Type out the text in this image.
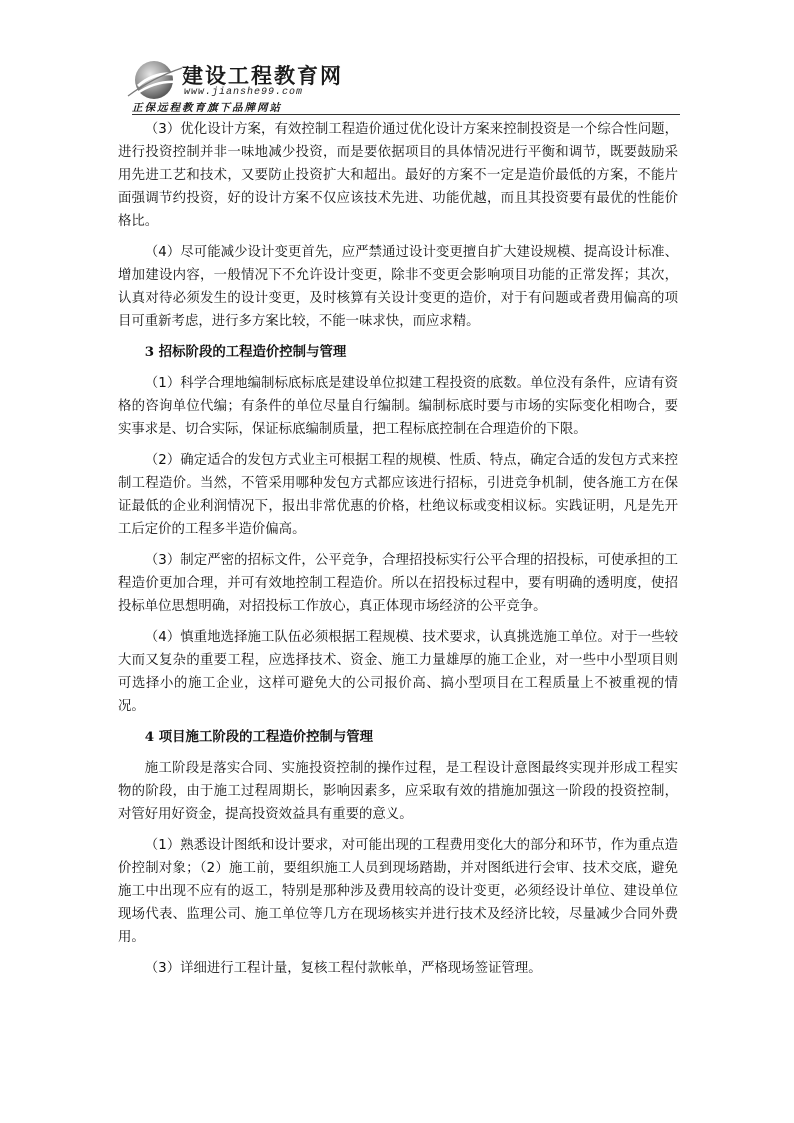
建设工程教育网
www.jianshe99.com
正保远程教育旗下品牌网站

（3）优化设计方案，有效控制工程造价通过优化设计方案来控制投资是一个综合性问题，进行投资控制并非一味地减少投资，而是要依据项目的具体情况进行平衡和调节，既要鼓励采用先进工艺和技术，又要防止投资扩大和超出。最好的方案不一定是造价最低的方案，不能片面强调节约投资，好的设计方案不仅应该技术先进、功能优越，而且其投资要有最优的性能价格比。

（4）尽可能减少设计变更首先，应严禁通过设计变更擅自扩大建设规模、提高设计标准、增加建设内容，一般情况下不允许设计变更，除非不变更会影响项目功能的正常发挥；其次，认真对待必须发生的设计变更，及时核算有关设计变更的造价，对于有问题或者费用偏高的项目可重新考虑，进行多方案比较，不能一味求快，而应求精。

3 招标阶段的工程造价控制与管理

（1）科学合理地编制标底标底是建设单位拟建工程投资的底数。单位没有条件，应请有资格的咨询单位代编；有条件的单位尽量自行编制。编制标底时要与市场的实际变化相吻合，要实事求是、切合实际，保证标底编制质量，把工程标底控制在合理造价的下限。

（2）确定适合的发包方式业主可根据工程的规模、性质、特点，确定合适的发包方式来控制工程造价。当然，不管采用哪种发包方式都应该进行招标，引进竞争机制，使各施工方在保证最低的企业利润情况下，报出非常优惠的价格，杜绝议标或变相议标。实践证明，凡是先开工后定价的工程多半造价偏高。

（3）制定严密的招标文件，公平竞争，合理招投标实行公平合理的招投标，可使承担的工程造价更加合理，并可有效地控制工程造价。所以在招投标过程中，要有明确的透明度，使招投标单位思想明确，对招投标工作放心，真正体现市场经济的公平竞争。

（4）慎重地选择施工队伍必须根据工程规模、技术要求，认真挑选施工单位。对于一些较大而又复杂的重要工程，应选择技术、资金、施工力量雄厚的施工企业，对一些中小型项目则可选择小的施工企业，这样可避免大的公司报价高、搞小型项目在工程质量上不被重视的情况。

4 项目施工阶段的工程造价控制与管理

施工阶段是落实合同、实施投资控制的操作过程，是工程设计意图最终实现并形成工程实物的阶段，由于施工过程周期长，影响因素多，应采取有效的措施加强这一阶段的投资控制，对管好用好资金，提高投资效益具有重要的意义。

（1）熟悉设计图纸和设计要求，对可能出现的工程费用变化大的部分和环节，作为重点造价控制对象；（2）施工前，要组织施工人员到现场踏勘，并对图纸进行会审、技术交底，避免施工中出现不应有的返工，特别是那种涉及费用较高的设计变更，必须经设计单位、建设单位现场代表、监理公司、施工单位等几方在现场核实并进行技术及经济比较，尽量减少合同外费用。

（3）详细进行工程计量，复核工程付款帐单，严格现场签证管理。
